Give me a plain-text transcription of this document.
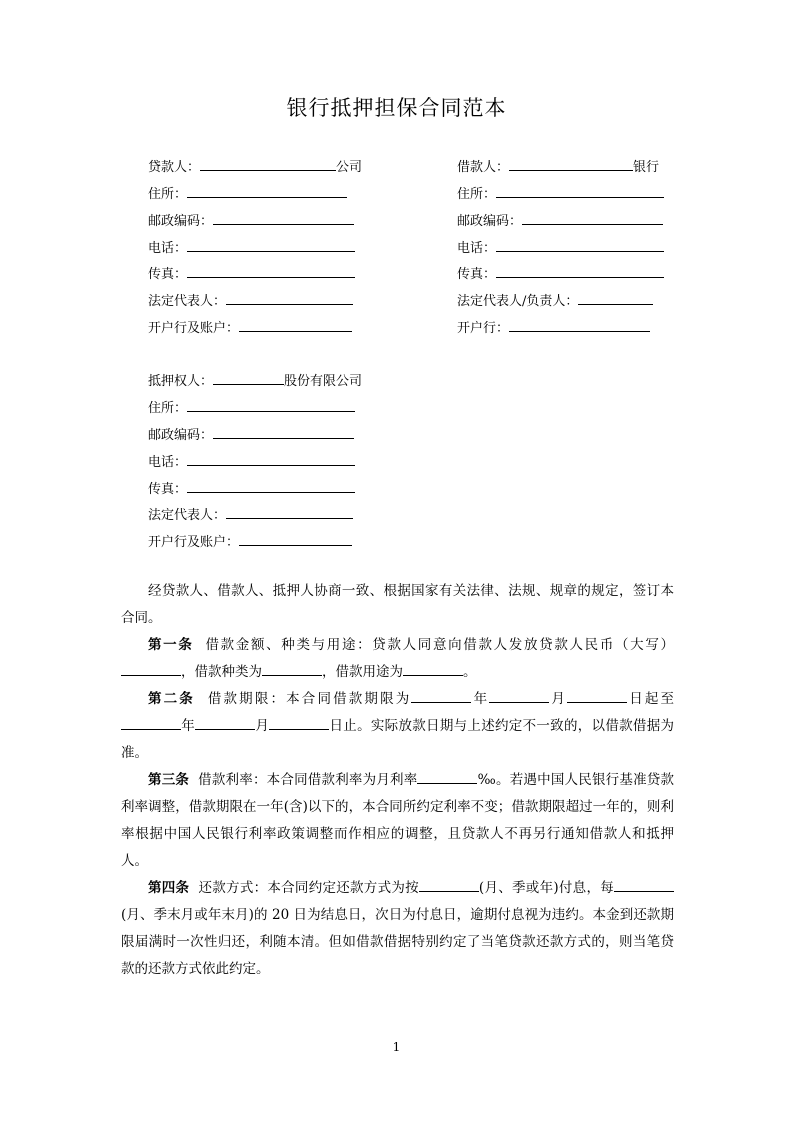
银行抵押担保合同范本
贷款人：	公司
住所：
邮政编码：
电话：
传真：
法定代表人：
开户行及账户：
借款人：	银行
住所：
邮政编码：
电话：
传真：
法定代表人/负责人：
开户行：
抵押权人：	股份有限公司
住所：
邮政编码：
电话：
传真：
法定代表人：
开户行及账户：
经贷款人、借款人、抵押人协商一致、根据国家有关法律、法规、规章的规定，签订本合同。
第一条 借款金额、种类与用途：贷款人同意向借款人发放贷款人民币（大写），借款种类为	，借款用途为	。
第二条 借款期限：本合同借款期限为	年	月	日起至年	月	日止。实际放款日期与上述约定不一致的，以借款借据为准。
第三条 借款利率：本合同借款利率为月利率	‰。若遇中国人民银行基准贷款利率调整，借款期限在一年(含)以下的，本合同所约定利率不变；借款期限超过一年的，则利率根据中国人民银行利率政策调整而作相应的调整，且贷款人不再另行通知借款人和抵押人。
第四条 还款方式：本合同约定还款方式为按	(月、季或年)付息，每(月、季末月或年末月)的 20 日为结息日，次日为付息日，逾期付息视为违约。本金到还款期限届满时一次性归还，利随本清。但如借款借据特别约定了当笔贷款还款方式的，则当笔贷款的还款方式依此约定。
1
